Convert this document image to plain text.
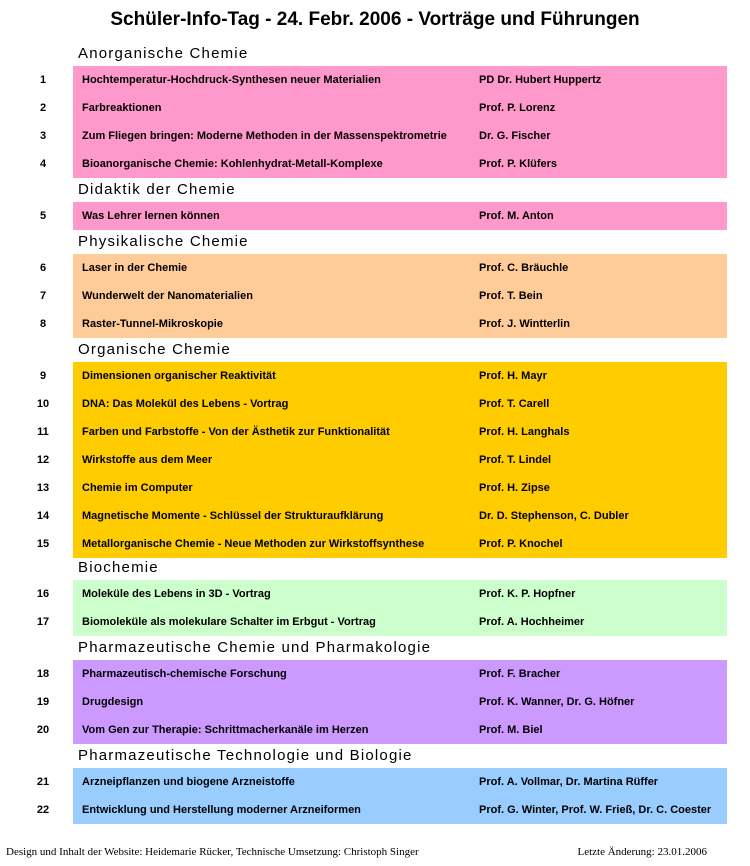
Schüler-Info-Tag - 24. Febr. 2006 - Vorträge und Führungen
Anorganische Chemie
1	Hochtemperatur-Hochdruck-Synthesen neuer Materialien	PD Dr. Hubert Huppertz
2	Farbreaktionen	Prof. P. Lorenz
3	Zum Fliegen bringen: Moderne Methoden in der Massenspektrometrie	Dr. G. Fischer
4	Bioanorganische Chemie: Kohlenhydrat-Metall-Komplexe	Prof. P. Klüfers
Didaktik der Chemie
5	Was Lehrer lernen können	Prof. M. Anton
Physikalische Chemie
6	Laser in der Chemie	Prof. C. Bräuchle
7	Wunderwelt der Nanomaterialien	Prof. T. Bein
8	Raster-Tunnel-Mikroskopie	Prof. J. Wintterlin
Organische Chemie
9	Dimensionen organischer Reaktivität	Prof. H. Mayr
10	DNA: Das Molekül des Lebens - Vortrag	Prof. T. Carell
11	Farben und Farbstoffe - Von der Ästhetik zur Funktionalität	Prof. H. Langhals
12	Wirkstoffe aus dem Meer	Prof. T. Lindel
13	Chemie im Computer	Prof. H. Zipse
14	Magnetische Momente - Schlüssel der Strukturaufklärung	Dr. D. Stephenson, C. Dubler
15	Metallorganische Chemie - Neue Methoden zur Wirkstoffsynthese	Prof. P. Knochel
Biochemie
16	Moleküle des Lebens in 3D - Vortrag	Prof. K. P. Hopfner
17	Biomoleküle als molekulare Schalter im Erbgut - Vortrag	Prof. A. Hochheimer
Pharmazeutische Chemie und Pharmakologie
18	Pharmazeutisch-chemische Forschung	Prof. F. Bracher
19	Drugdesign	Prof. K. Wanner, Dr. G. Höfner
20	Vom Gen zur Therapie: Schrittmacherkanäle im Herzen	Prof. M. Biel
Pharmazeutische Technologie und Biologie
21	Arzneipflanzen und biogene Arzneistoffe	Prof. A. Vollmar, Dr. Martina Rüffer
22	Entwicklung und Herstellung moderner Arzneiformen	Prof. G. Winter, Prof. W. Frieß, Dr. C. Coester
Design und Inhalt der Website: Heidemarie Rücker, Technische Umsetzung: Christoph Singer	Letzte Änderung: 23.01.2006
